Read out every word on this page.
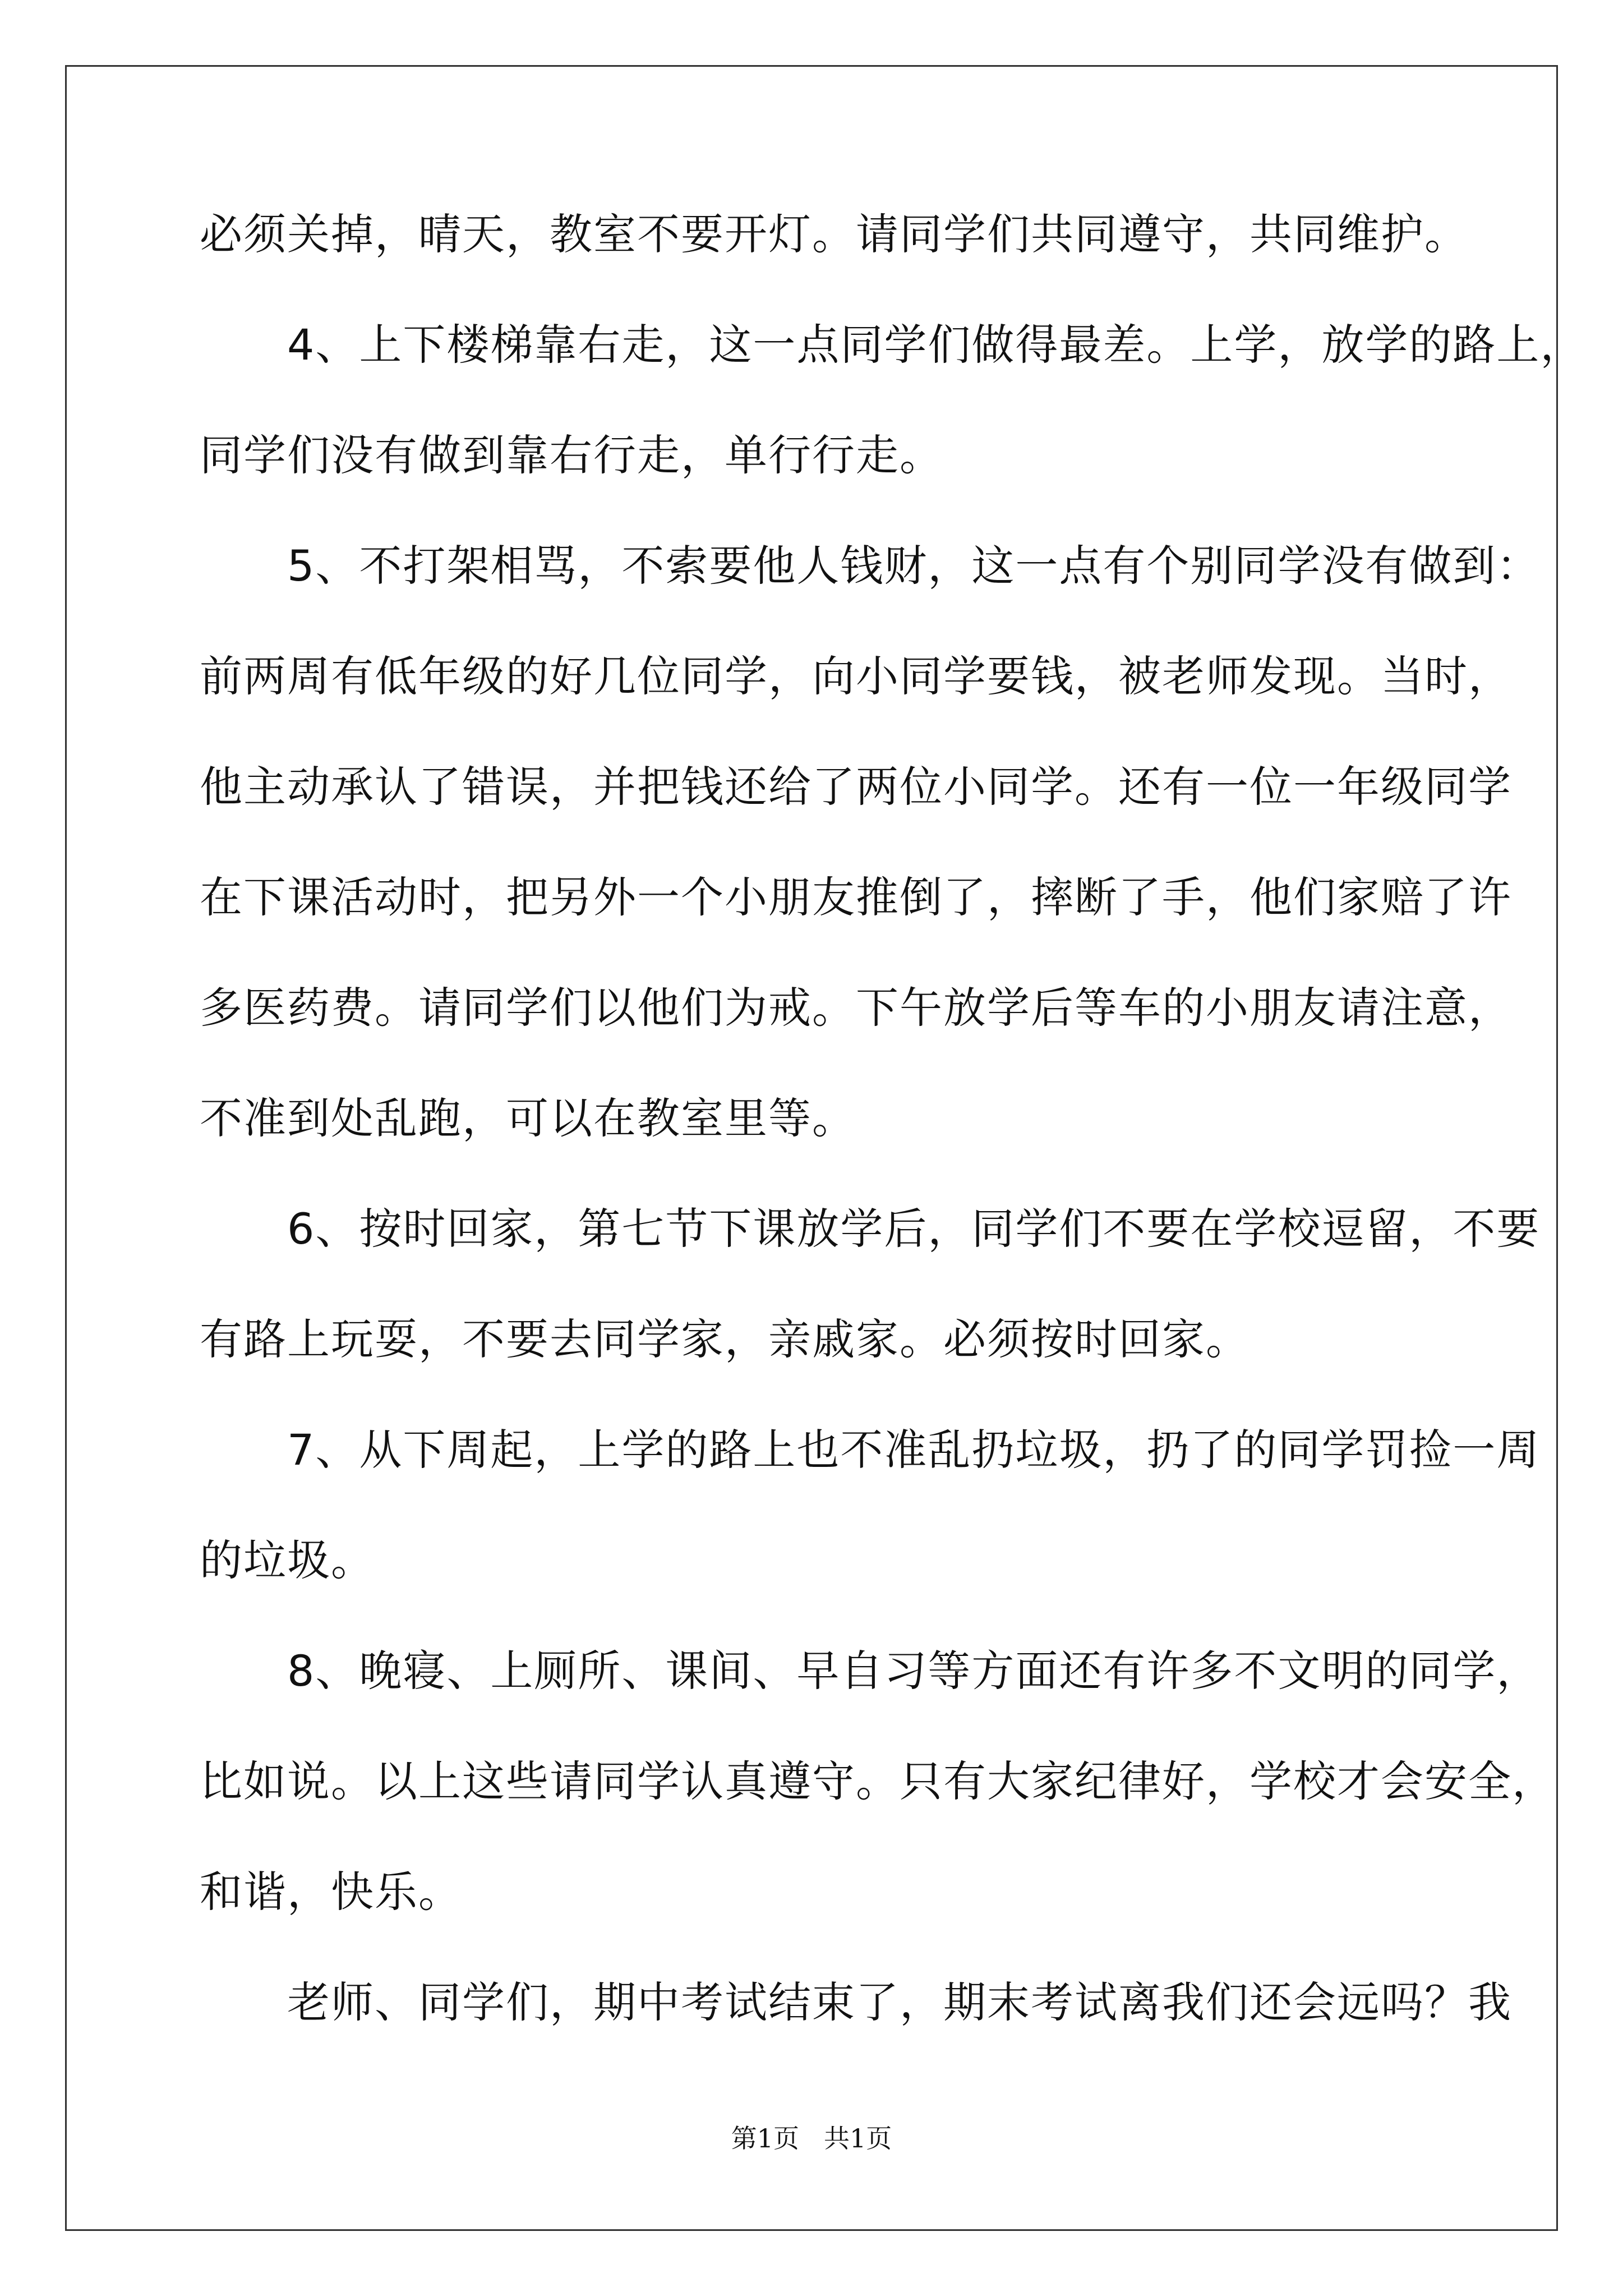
必须关掉，晴天，教室不要开灯。请同学们共同遵守，共同维护。
　　4、上下楼梯靠右走，这一点同学们做得最差。上学，放学的路上，
同学们没有做到靠右行走，单行行走。
　　5、不打架相骂，不索要他人钱财，这一点有个别同学没有做到：
前两周有低年级的好几位同学，向小同学要钱，被老师发现。当时，
他主动承认了错误，并把钱还给了两位小同学。还有一位一年级同学
在下课活动时，把另外一个小朋友推倒了，摔断了手，他们家赔了许
多医药费。请同学们以他们为戒。下午放学后等车的小朋友请注意，
不准到处乱跑，可以在教室里等。
　　6、按时回家，第七节下课放学后，同学们不要在学校逗留，不要
有路上玩耍，不要去同学家，亲戚家。必须按时回家。
　　7、从下周起，上学的路上也不准乱扔垃圾，扔了的同学罚捡一周
的垃圾。
　　8、晚寝、上厕所、课间、早自习等方面还有许多不文明的同学，
比如说。以上这些请同学认真遵守。只有大家纪律好，学校才会安全，
和谐，快乐。
　　老师、同学们，期中考试结束了，期末考试离我们还会远吗？我
第1页 共1页
